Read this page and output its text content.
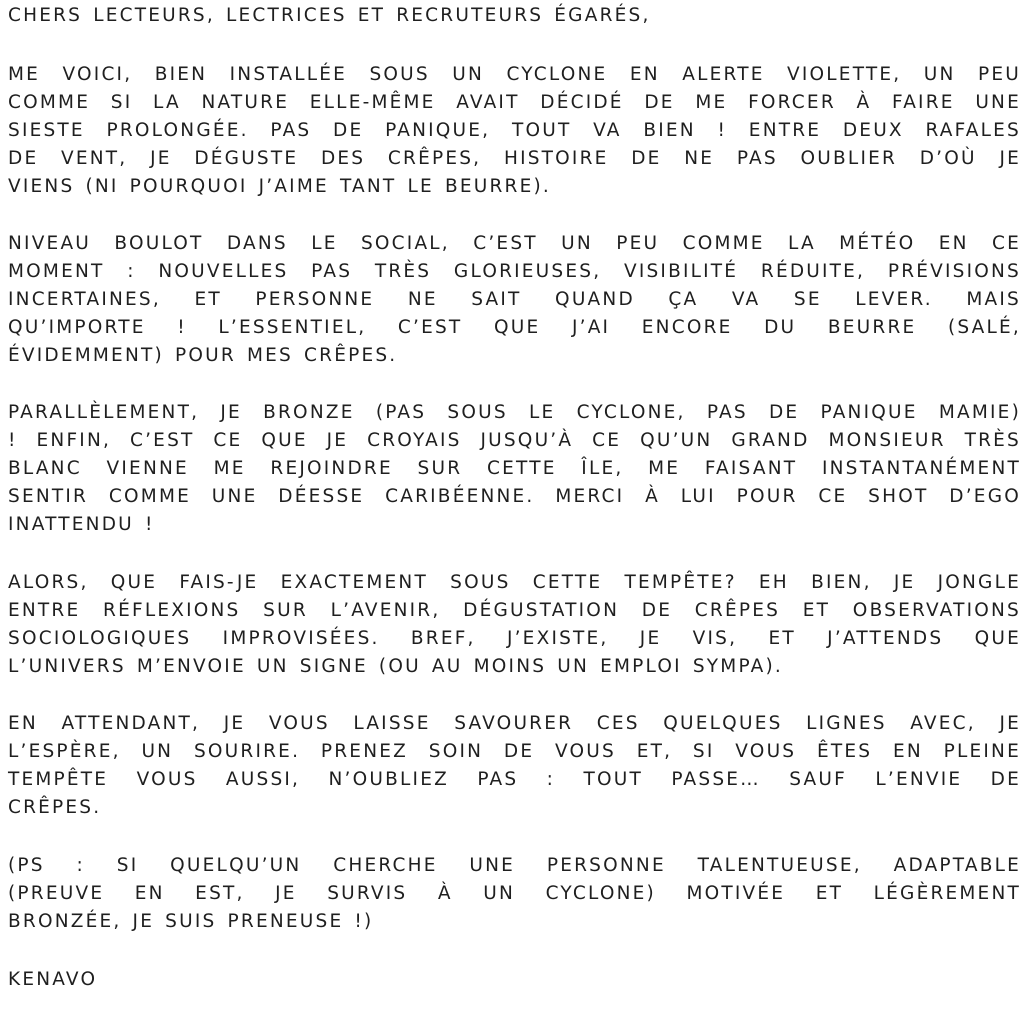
CHERS LECTEURS, LECTRICES ET RECRUTEURS ÉGARÉS,
ME VOICI, BIEN INSTALLÉE SOUS UN CYCLONE EN ALERTE VIOLETTE, UN PEU
COMME SI LA NATURE ELLE-MÊME AVAIT DÉCIDÉ DE ME FORCER À FAIRE UNE
SIESTE PROLONGÉE. PAS DE PANIQUE, TOUT VA BIEN ! ENTRE DEUX RAFALES
DE VENT, JE DÉGUSTE DES CRÊPES, HISTOIRE DE NE PAS OUBLIER D’OÙ JE
VIENS (NI POURQUOI J’AIME TANT LE BEURRE).
NIVEAU BOULOT DANS LE SOCIAL, C’EST UN PEU COMME LA MÉTÉO EN CE
MOMENT : NOUVELLES PAS TRÈS GLORIEUSES, VISIBILITÉ RÉDUITE, PRÉVISIONS
INCERTAINES, ET PERSONNE NE SAIT QUAND ÇA VA SE LEVER. MAIS
QU’IMPORTE ! L’ESSENTIEL, C’EST QUE J’AI ENCORE DU BEURRE (SALÉ,
ÉVIDEMMENT) POUR MES CRÊPES.
PARALLÈLEMENT, JE BRONZE (PAS SOUS LE CYCLONE, PAS DE PANIQUE MAMIE)
! ENFIN, C’EST CE QUE JE CROYAIS JUSQU’À CE QU’UN GRAND MONSIEUR TRÈS
BLANC VIENNE ME REJOINDRE SUR CETTE ÎLE, ME FAISANT INSTANTANÉMENT
SENTIR COMME UNE DÉESSE CARIBÉENNE. MERCI À LUI POUR CE SHOT D’EGO
INATTENDU !
ALORS, QUE FAIS-JE EXACTEMENT SOUS CETTE TEMPÊTE? EH BIEN, JE JONGLE
ENTRE RÉFLEXIONS SUR L’AVENIR, DÉGUSTATION DE CRÊPES ET OBSERVATIONS
SOCIOLOGIQUES IMPROVISÉES. BREF, J’EXISTE, JE VIS, ET J’ATTENDS QUE
L’UNIVERS M’ENVOIE UN SIGNE (OU AU MOINS UN EMPLOI SYMPA).
EN ATTENDANT, JE VOUS LAISSE SAVOURER CES QUELQUES LIGNES AVEC, JE
L’ESPÈRE, UN SOURIRE. PRENEZ SOIN DE VOUS ET, SI VOUS ÊTES EN PLEINE
TEMPÊTE VOUS AUSSI, N’OUBLIEZ PAS : TOUT PASSE… SAUF L’ENVIE DE
CRÊPES.
(PS : SI QUELQU’UN CHERCHE UNE PERSONNE TALENTUEUSE, ADAPTABLE
(PREUVE EN EST, JE SURVIS À UN CYCLONE) MOTIVÉE ET LÉGÈREMENT
BRONZÉE, JE SUIS PRENEUSE !)
KENAVO
